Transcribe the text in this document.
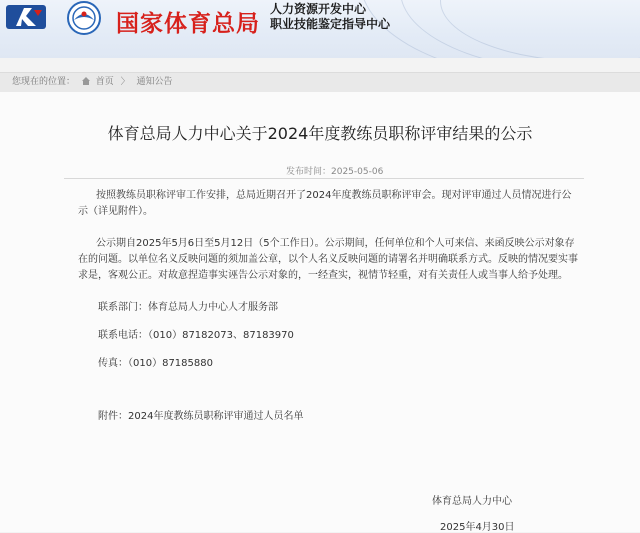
国家体育总局
人力资源开发中心
职业技能鉴定指导中心
您现在的位置： 首页 〉 通知公告
体育总局人力中心关于2024年度教练员职称评审结果的公示
发布时间：2025-05-06
按照教练员职称评审工作安排，总局近期召开了2024年度教练员职称评审会。现对评审通过人员情况进行公示（详见附件）。
公示期自2025年5月6日至5月12日（5个工作日）。公示期间，任何单位和个人可来信、来函反映公示对象存在的问题。以单位名义反映问题的须加盖公章，以个人名义反映问题的请署名并明确联系方式。反映的情况要实事求是，客观公正。对故意捏造事实诬告公示对象的，一经查实，视情节轻重，对有关责任人或当事人给予处理。
联系部门：体育总局人力中心人才服务部
联系电话：（010）87182073、87183970
传真：（010）87185880
附件：2024年度教练员职称评审通过人员名单
体育总局人力中心
2025年4月30日
